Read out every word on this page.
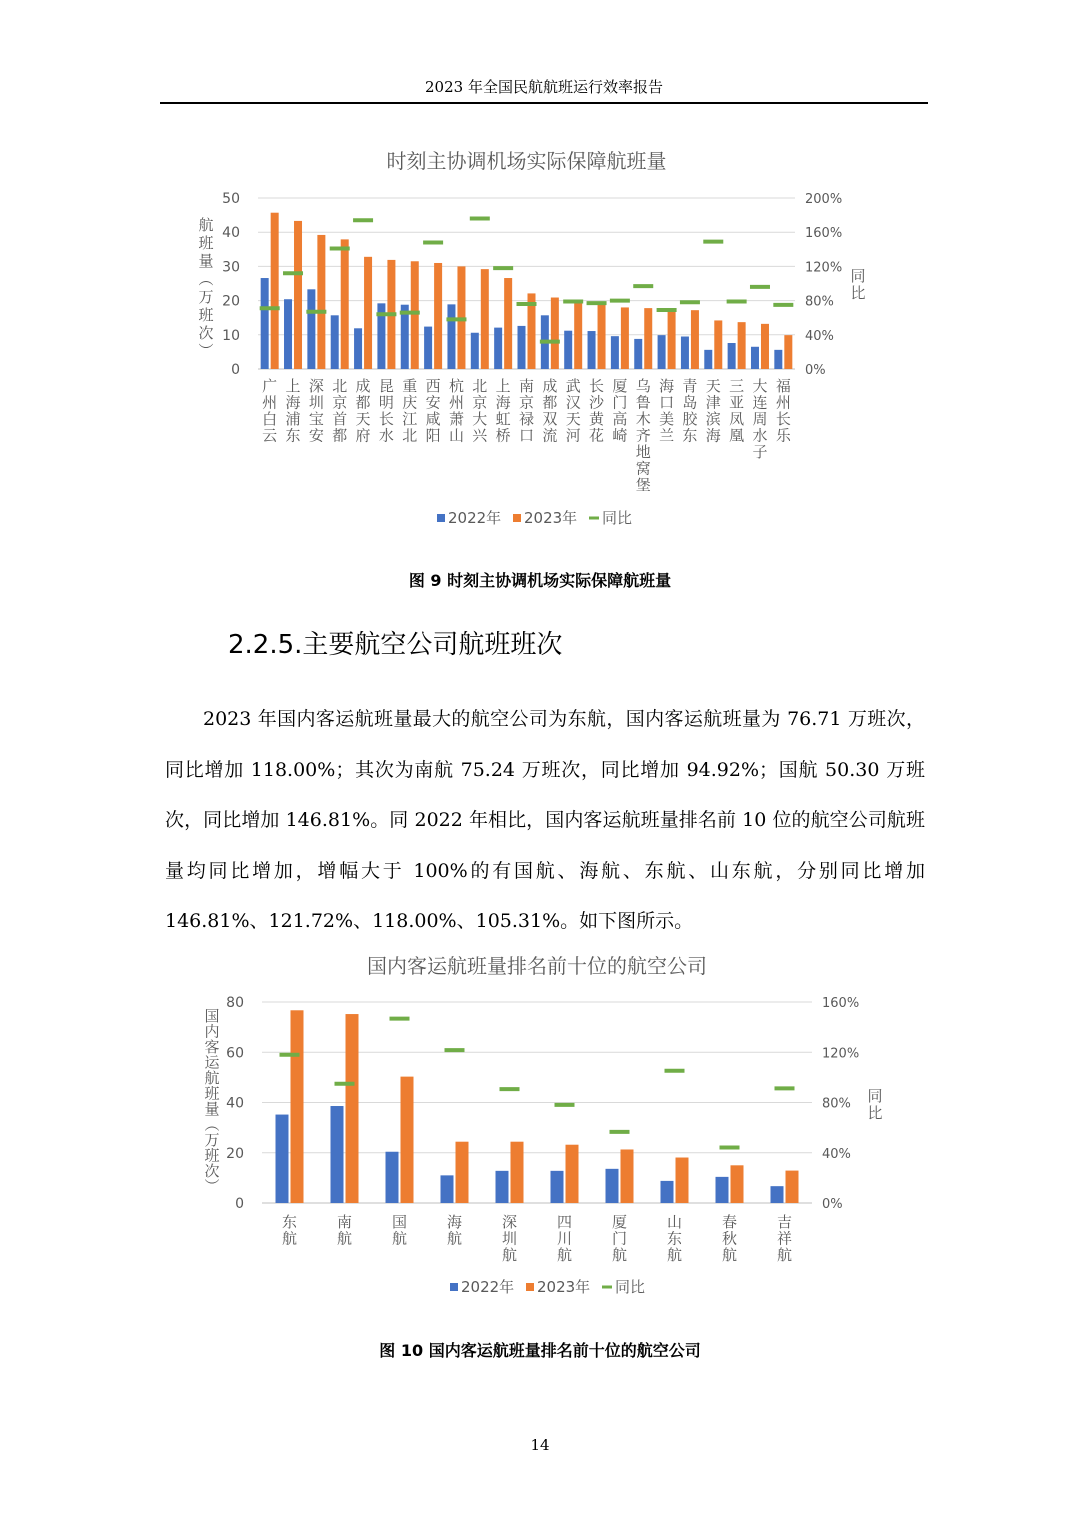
2023 年全国民航航班运行效率报告
时刻主协调机场实际保障航班量
50	200%
40	160%
30	120%
20	80%
10	40%
0	0%
航
班
量
︵
万
班
次
︶
同
比
广
州
白
云
上
海
浦
东
深
圳
宝
安
北
京
首
都
成
都
天
府
昆
明
长
水
重
庆
江
北
西
安
咸
阳
杭
州
萧
山
北
京
大
兴
上
海
虹
桥
南
京
禄
口
成
都
双
流
武
汉
天
河
长
沙
黄
花
厦
门
高
崎
乌
鲁
木
齐
地
窝
堡
海
口
美
兰
青
岛
胶
东
天
津
滨
海
三
亚
凤
凰
大
连
周
水
子
福
州
长
乐
2022年 2023年 同比
图 9 时刻主协调机场实际保障航班量
2.2.5.主要航空公司航班班次

2023 年国内客运航班量最大的航空公司为东航，国内客运航班量为 76.71 万班次，同比增加 118.00%；其次为南航 75.24 万班次，同比增加 94.92%；国航 50.30 万班次，同比增加 146.81%。同 2022 年相比，国内客运航班量排名前 10 位的航空公司航班量均同比增加，增幅大于 100%的有国航、海航、东航、山东航，分别同比增加 146.81%、121.72%、118.00%、105.31%。如下图所示。

国内客运航班量排名前十位的航空公司
80	160%
60	120%
40	80%
20	40%
0	0%
国
内
客
运
航
班
量
︵
万
班
次
︶
同
比
东
航
南
航
国
航
海
航
深
圳
航
四
川
航
厦
门
航
山
东
航
春
秋
航
吉
祥
航
2022年 2023年 同比
图 10 国内客运航班量排名前十位的航空公司
14
